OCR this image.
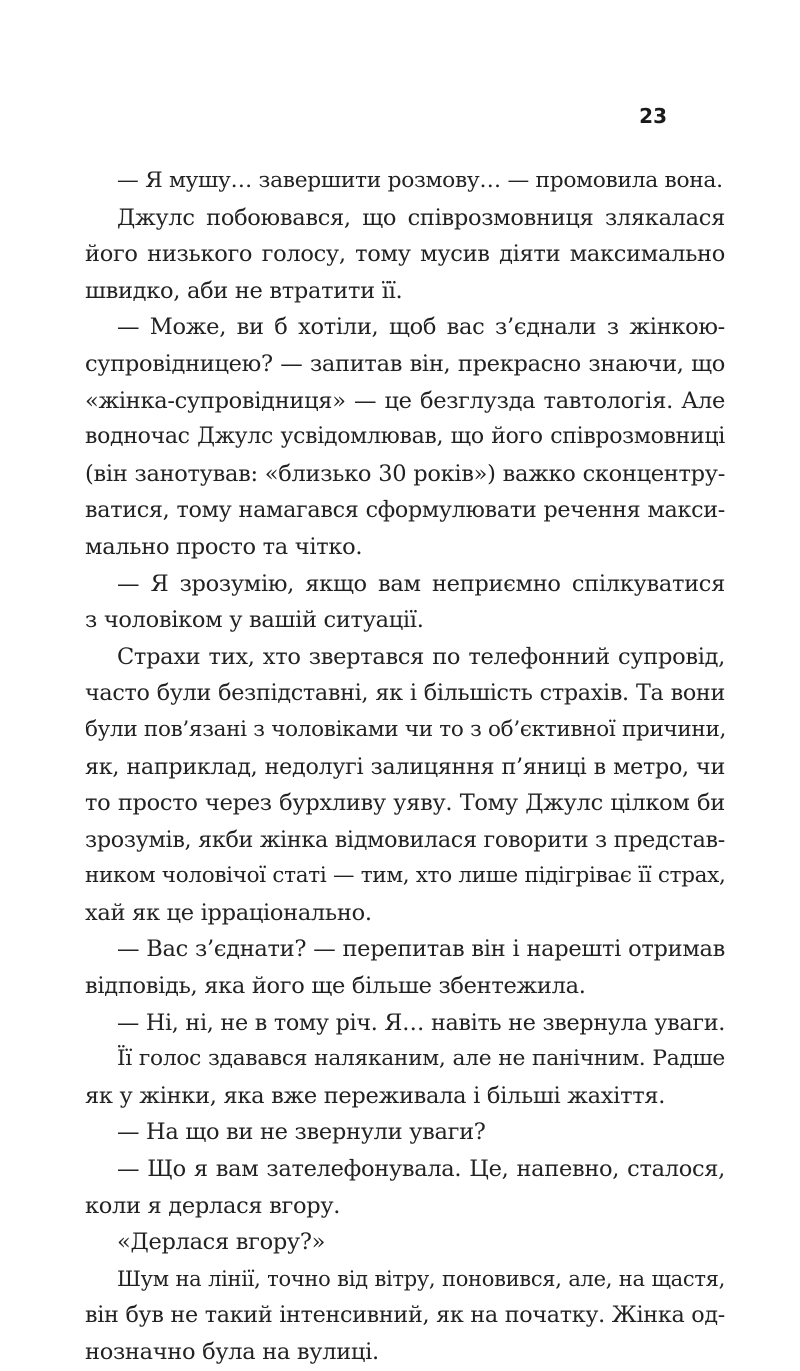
23
— Я мушу… завершити розмову… — промовила вона.
Джулс побоювався, що співрозмовниця злякалася
його низького голосу, тому мусив діяти максимально
швидко, аби не втратити її.
— Може, ви б хотіли, щоб вас з’єднали з жінкою-
супровідницею? — запитав він, прекрасно знаючи, що
«жінка-супровідниця» — це безглузда тавтологія. Але
водночас Джулс усвідомлював, що його співрозмовниці
(він занотував: «близько 30 років») важко сконцентру-
ватися, тому намагався сформулювати речення макси-
мально просто та чітко.
— Я зрозумію, якщо вам неприємно спілкуватися
з чоловіком у вашій ситуації.
Страхи тих, хто звертався по телефонний супровід,
часто були безпідставні, як і більшість страхів. Та вони
були пов’язані з чоловіками чи то з об’єктивної причини,
як, наприклад, недолугі залицяння п’яниці в метро, чи
то просто через бурхливу уяву. Тому Джулс цілком би
зрозумів, якби жінка відмовилася говорити з представ-
ником чоловічої статі — тим, хто лише підігріває її страх,
хай як це ірраціонально.
— Вас з’єднати? — перепитав він і нарешті отримав
відповідь, яка його ще більше збентежила.
— Ні, ні, не в тому річ. Я… навіть не звернула уваги.
Її голос здавався наляканим, але не панічним. Радше
як у жінки, яка вже переживала і більші жахіття.
— На що ви не звернули уваги?
— Що я вам зателефонувала. Це, напевно, сталося,
коли я дерлася вгору.
«Дерлася вгору?»
Шум на лінії, точно від вітру, поновився, але, на щастя,
він був не такий інтенсивний, як на початку. Жінка од-
нозначно була на вулиці.
